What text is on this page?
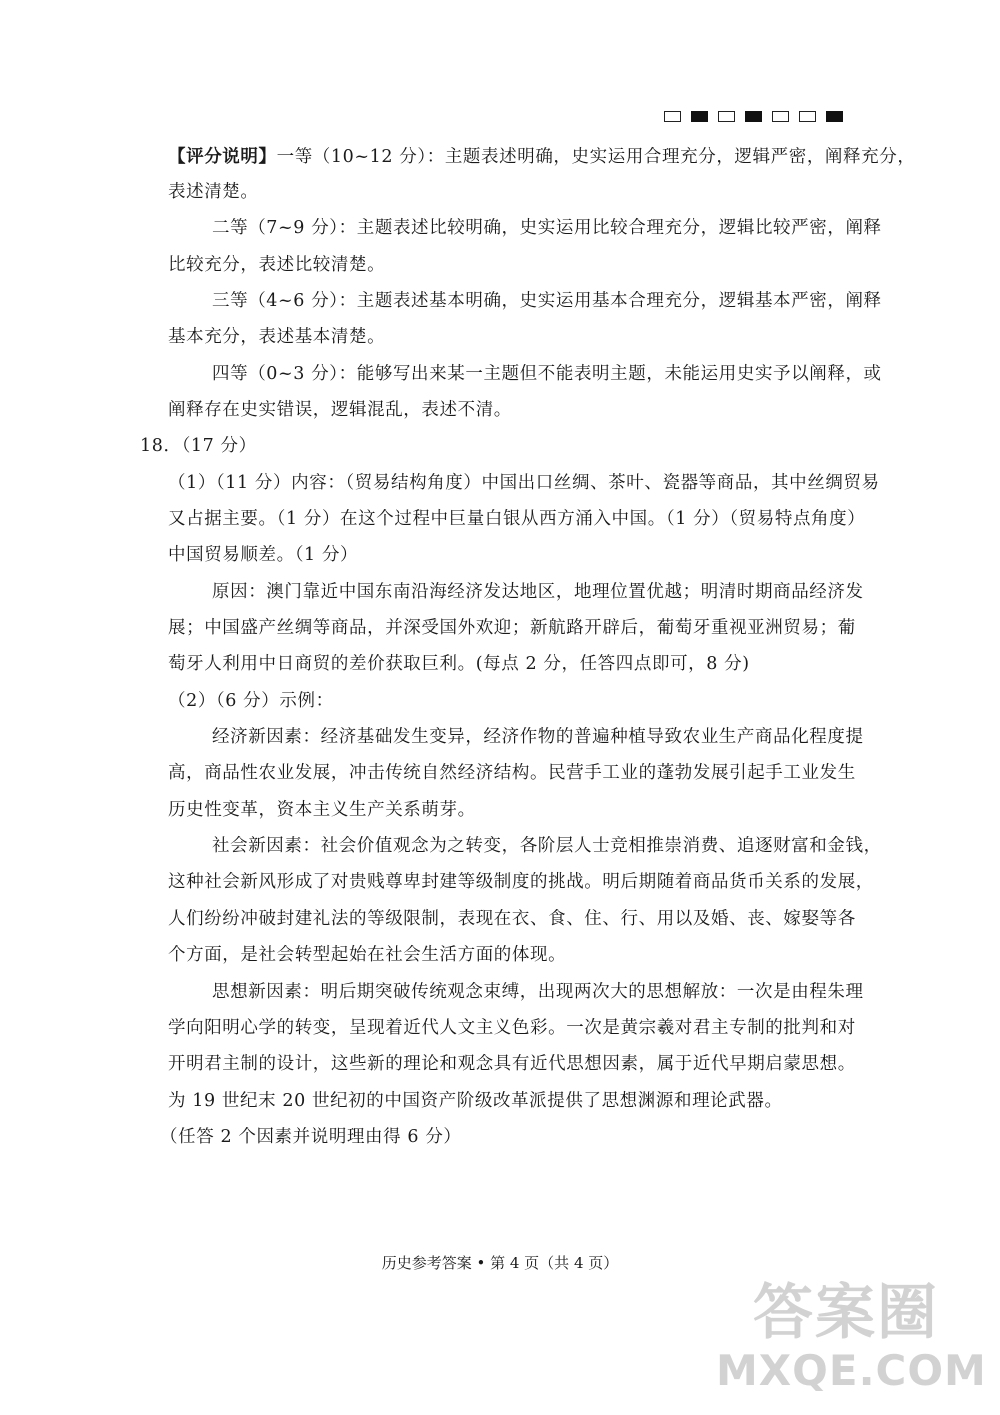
【评分说明】一等（10~12 分）：主题表述明确，史实运用合理充分，逻辑严密，阐释充分，
表述清楚。
二等（7~9 分）：主题表述比较明确，史实运用比较合理充分，逻辑比较严密，阐释
比较充分，表述比较清楚。
三等（4~6 分）：主题表述基本明确，史实运用基本合理充分，逻辑基本严密，阐释
基本充分，表述基本清楚。
四等（0~3 分）：能够写出来某一主题但不能表明主题，未能运用史实予以阐释，或
阐释存在史实错误，逻辑混乱，表述不清。
18．（17 分）
（1）（11 分）内容：（贸易结构角度）中国出口丝绸、茶叶、瓷器等商品，其中丝绸贸易
又占据主要。（1 分）在这个过程中巨量白银从西方涌入中国。（1 分）（贸易特点角度）
中国贸易顺差。（1 分）
原因：澳门靠近中国东南沿海经济发达地区，地理位置优越；明清时期商品经济发
展；中国盛产丝绸等商品，并深受国外欢迎；新航路开辟后，葡萄牙重视亚洲贸易；葡
萄牙人利用中日商贸的差价获取巨利。(每点 2 分，任答四点即可，8 分)
（2）（6 分）示例：
经济新因素：经济基础发生变异，经济作物的普遍种植导致农业生产商品化程度提
高，商品性农业发展，冲击传统自然经济结构。民营手工业的蓬勃发展引起手工业发生
历史性变革，资本主义生产关系萌芽。
社会新因素：社会价值观念为之转变，各阶层人士竞相推崇消费、追逐财富和金钱，
这种社会新风形成了对贵贱尊卑封建等级制度的挑战。明后期随着商品货币关系的发展，
人们纷纷冲破封建礼法的等级限制，表现在衣、食、住、行、用以及婚、丧、嫁娶等各
个方面，是社会转型起始在社会生活方面的体现。
思想新因素：明后期突破传统观念束缚，出现两次大的思想解放：一次是由程朱理
学向阳明心学的转变，呈现着近代人文主义色彩。一次是黄宗羲对君主专制的批判和对
开明君主制的设计，这些新的理论和观念具有近代思想因素，属于近代早期启蒙思想。
为 19 世纪末 20 世纪初的中国资产阶级改革派提供了思想渊源和理论武器。
（任答 2 个因素并说明理由得 6 分）
历史参考答案 • 第 4 页（共 4 页）
答案圈
MXQE.COM
